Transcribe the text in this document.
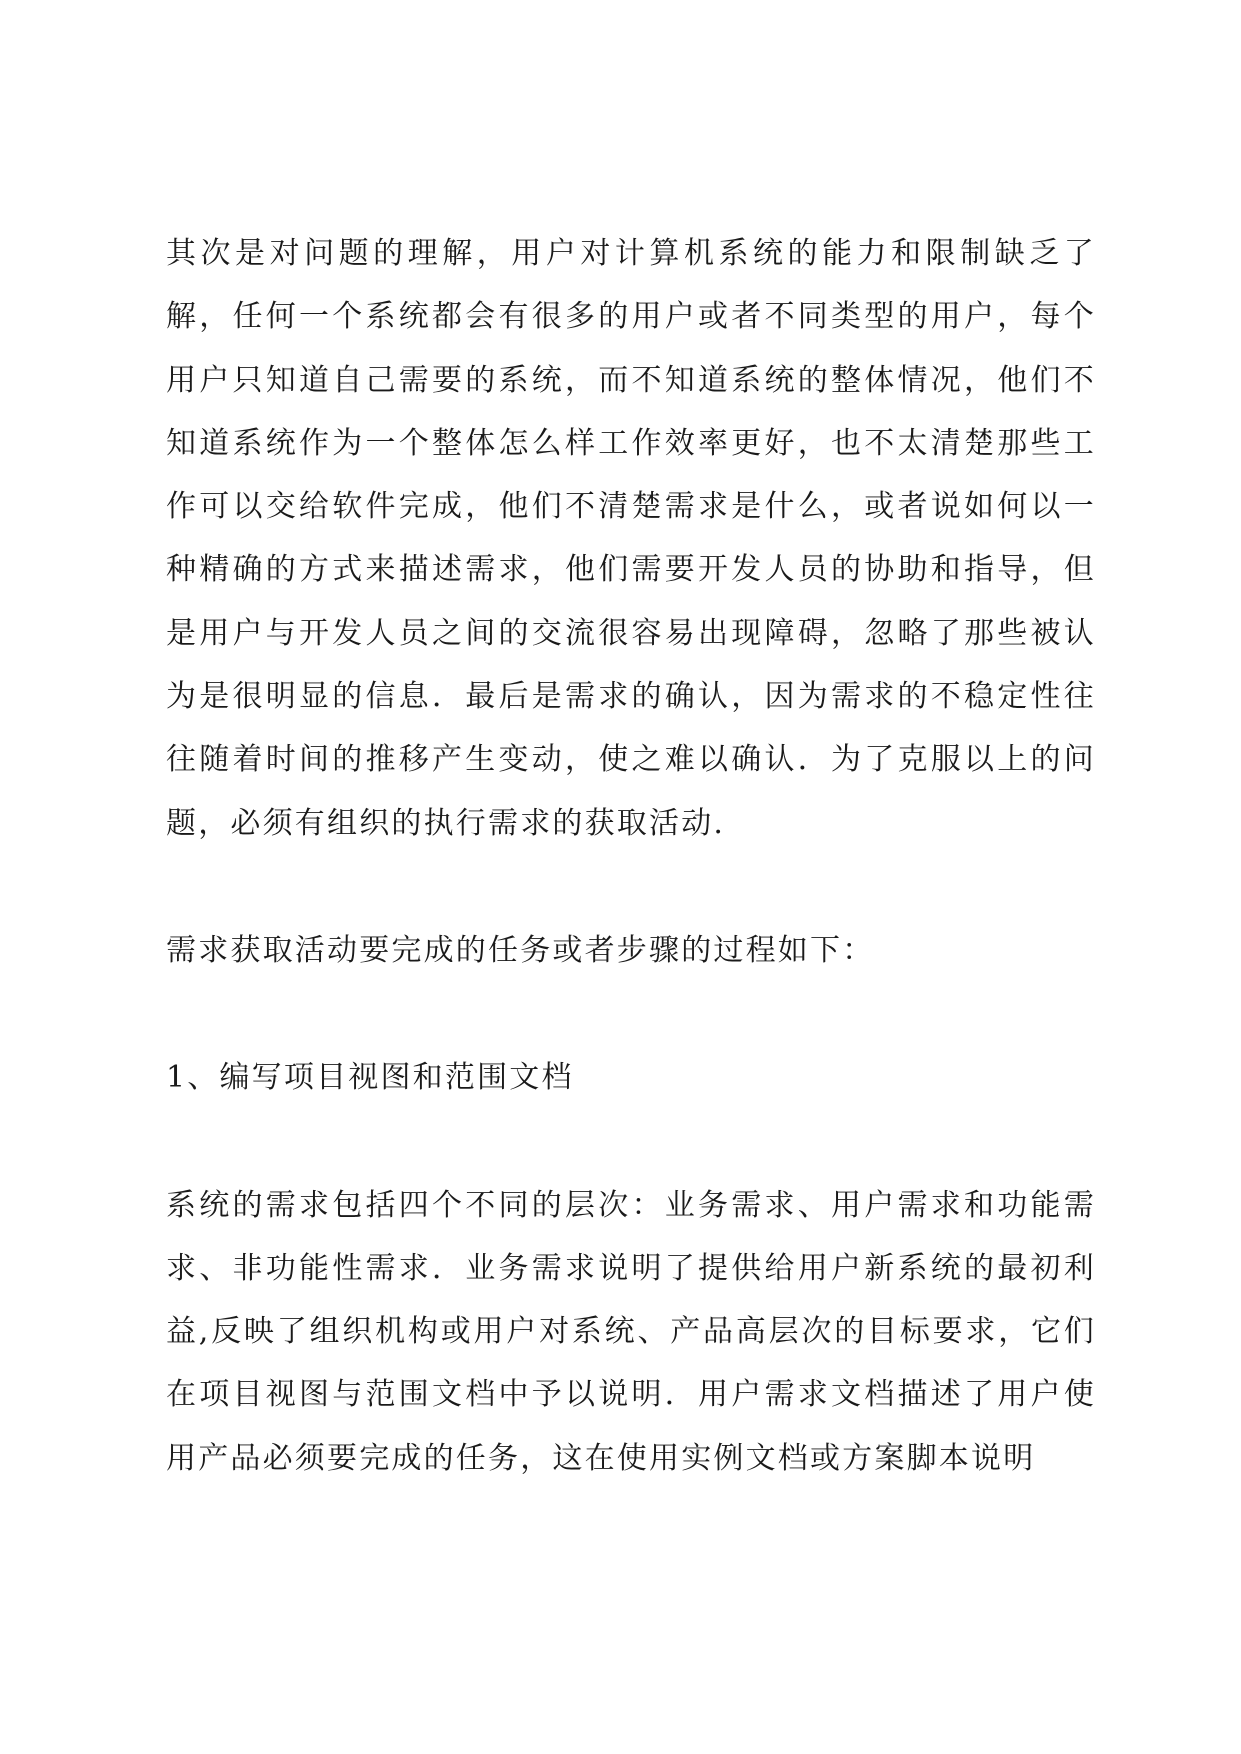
其次是对问题的理解，用户对计算机系统的能力和限制缺乏了解，任何一个系统都会有很多的用户或者不同类型的用户，每个用户只知道自己需要的系统，而不知道系统的整体情况，他们不知道系统作为一个整体怎么样工作效率更好，也不太清楚那些工作可以交给软件完成，他们不清楚需求是什么，或者说如何以一种精确的方式来描述需求，他们需要开发人员的协助和指导，但是用户与开发人员之间的交流很容易出现障碍，忽略了那些被认为是很明显的信息．最后是需求的确认，因为需求的不稳定性往往随着时间的推移产生变动，使之难以确认．为了克服以上的问题，必须有组织的执行需求的获取活动.

需求获取活动要完成的任务或者步骤的过程如下：

1、编写项目视图和范围文档

系统的需求包括四个不同的层次：业务需求、用户需求和功能需求、非功能性需求．业务需求说明了提供给用户新系统的最初利益,反映了组织机构或用户对系统、产品高层次的目标要求，它们在项目视图与范围文档中予以说明．用户需求文档描述了用户使用产品必须要完成的任务，这在使用实例文档或方案脚本说明
